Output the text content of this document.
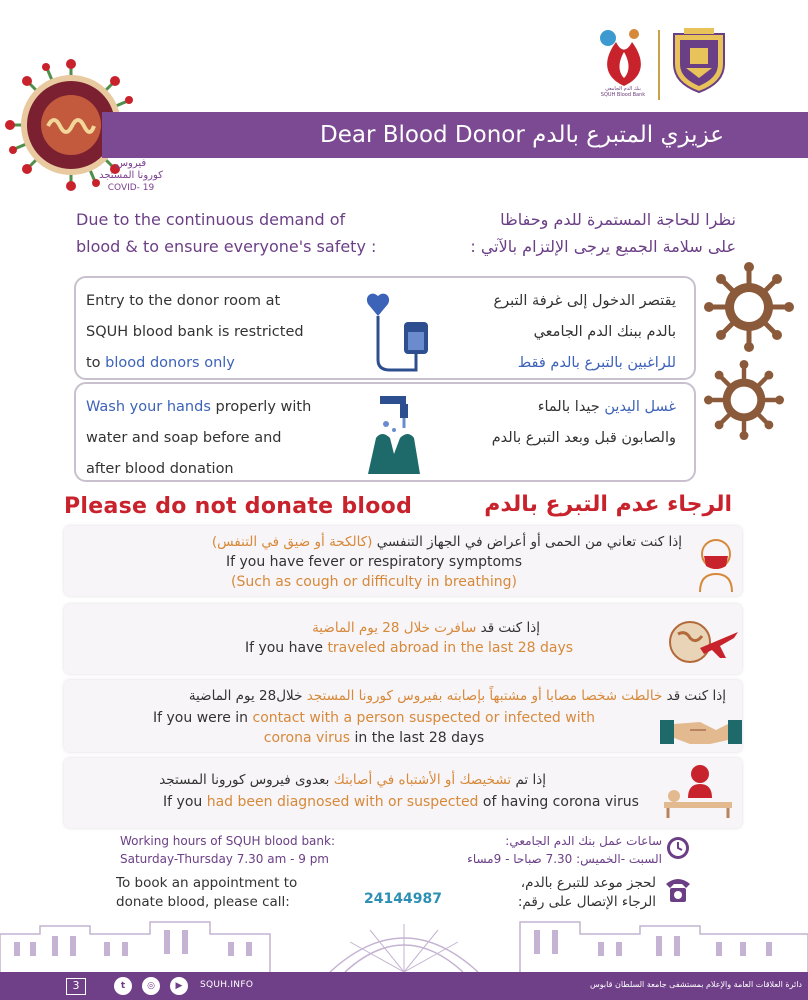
بنك الدم الجامعي
SQUH Blood Bank
فيروس
كورونا المستجد
COVID- 19
Dear Blood Donor عزيزي المتبرع بالدم
Due to the continuous demand of
blood & to ensure everyone's safety :
نظرا للحاجة المستمرة للدم وحفاظا
على سلامة الجميع يرجى الإلتزام بالآتي :
Entry to the donor room at
SQUH blood bank is restricted
to blood donors only
يقتصر الدخول إلى غرفة التبرع
بالدم ببنك الدم الجامعي
للراغبين بالتبرع بالدم فقط
Wash your hands properly with
water and soap before and
after blood donation
غسل اليدين جيدا بالماء
والصابون قبل وبعد التبرع بالدم
Please do not donate blood	الرجاء عدم التبرع بالدم
إذا كنت تعاني من الحمى أو أعراض في الجهاز التنفسي (كالكحة أو ضيق في التنفس)
If you have fever or respiratory symptoms
(Such as cough or difficulty in breathing)
إذا كنت قد سافرت خلال 28 يوم الماضية
If you have traveled abroad in the last 28 days
إذا كنت قد خالطت شخصا مصابا أو مشتبهاً بإصابته بفيروس كورونا المستجد خلال28 يوم الماضية
If you were in contact with a person suspected or infected with
corona virus in the last 28 days
إذا تم تشخيصك أو الأشتباه في أصابتك بعدوى فيروس كورونا المستجد
If you had been diagnosed with or suspected of having corona virus
Working hours of SQUH blood bank:
Saturday-Thursday 7.30 am - 9 pm
ساعات عمل بنك الدم الجامعي:
السبت -الخميس: 7.30 صباحا - 9مساء
To book an appointment to
donate blood, please call:	24144987
لحجز موعد للتبرع بالدم،
الرجاء الإتصال على رقم:
3	t	◎	▶	SQUH.INFO	دائرة العلاقات العامة والإعلام بمستشفى جامعة السلطان قابوس
